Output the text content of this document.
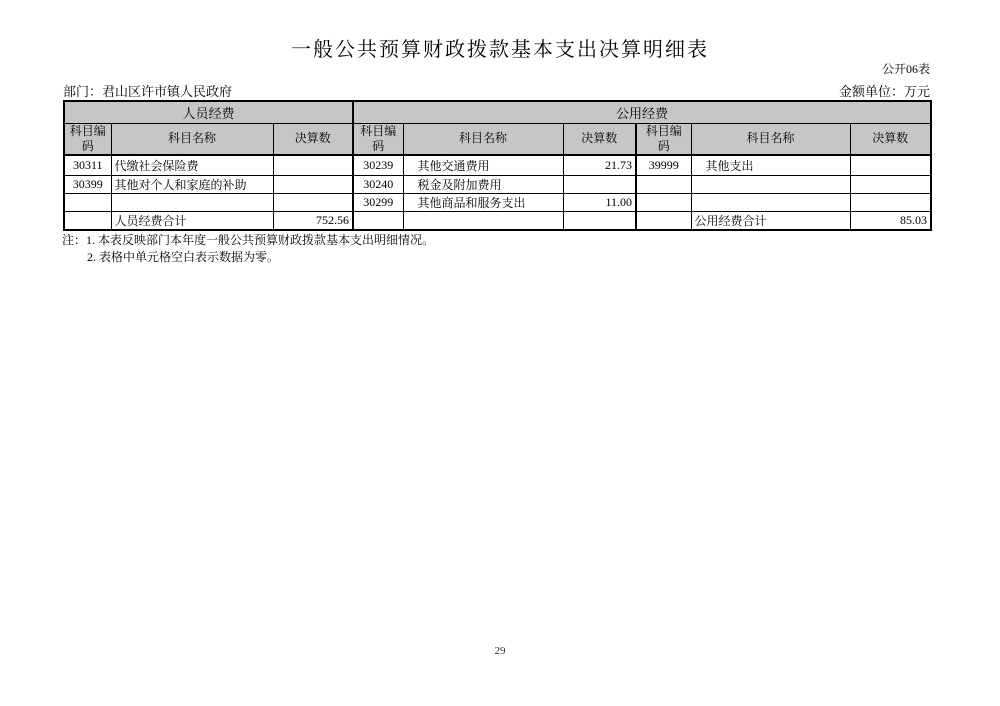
一般公共预算财政拨款基本支出决算明细表
公开06表
部门：君山区许市镇人民政府	金额单位：万元
人员经费			公用经费					
科目编码	科目名称	决算数	科目编码	科目名称	决算数	科目编码	科目名称	决算数
30311	代缴社会保险费		30239	其他交通费用	21.73	39999	其他支出	
30399	其他对个人和家庭的补助		30240	税金及附加费用				
			30299	其他商品和服务支出	11.00			
	人员经费合计	752.56					公用经费合计	85.03
注：1. 本表反映部门本年度一般公共预算财政拨款基本支出明细情况。
2. 表格中单元格空白表示数据为零。
29
